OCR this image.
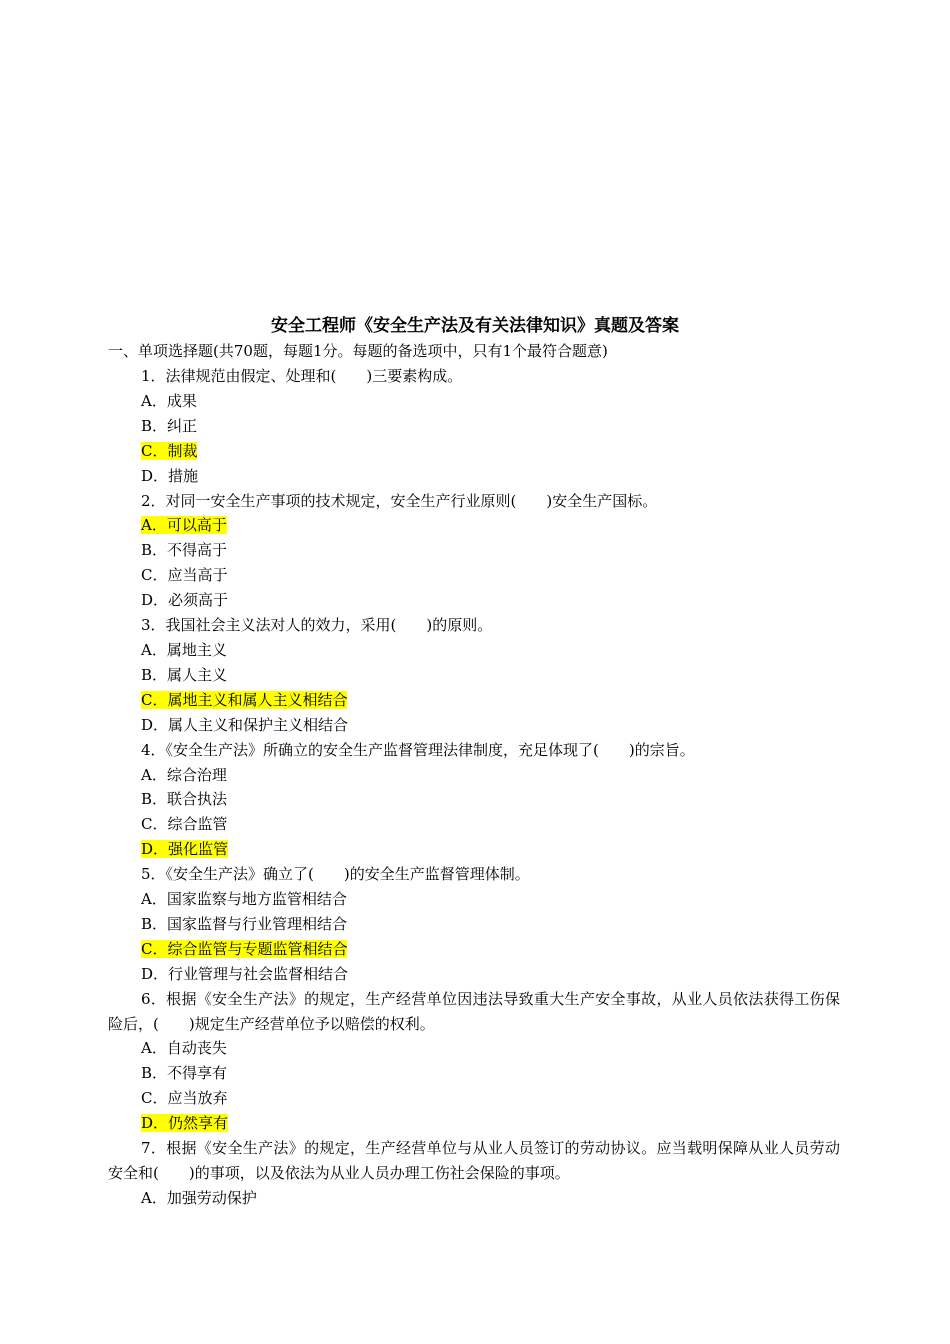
安全工程师《安全生产法及有关法律知识》真题及答案
一、单项选择题(共70题，每题1分。每题的备选项中，只有1个最符合题意)
1．法律规范由假定、处理和(　　)三要素构成。
A．成果
B．纠正
C．制裁
D．措施
2．对同一安全生产事项的技术规定，安全生产行业原则(　　)安全生产国标。
A．可以高于
B．不得高于
C．应当高于
D．必须高于
3．我国社会主义法对人的效力，采用(　　)的原则。
A．属地主义
B．属人主义
C．属地主义和属人主义相结合
D．属人主义和保护主义相结合
4．《安全生产法》所确立的安全生产监督管理法律制度，充足体现了(　　)的宗旨。
A．综合治理
B．联合执法
C．综合监管
D．强化监管
5．《安全生产法》确立了(　　)的安全生产监督管理体制。
A．国家监察与地方监管相结合
B．国家监督与行业管理相结合
C．综合监管与专题监管相结合
D．行业管理与社会监督相结合
6．根据《安全生产法》的规定，生产经营单位因违法导致重大生产安全事故，从业人员依法获得工伤保险后，(　　)规定生产经营单位予以赔偿的权利。
A．自动丧失
B．不得享有
C．应当放弃
D．仍然享有
7．根据《安全生产法》的规定，生产经营单位与从业人员签订的劳动协议。应当载明保障从业人员劳动安全和(　　)的事项，以及依法为从业人员办理工伤社会保险的事项。
A．加强劳动保护
